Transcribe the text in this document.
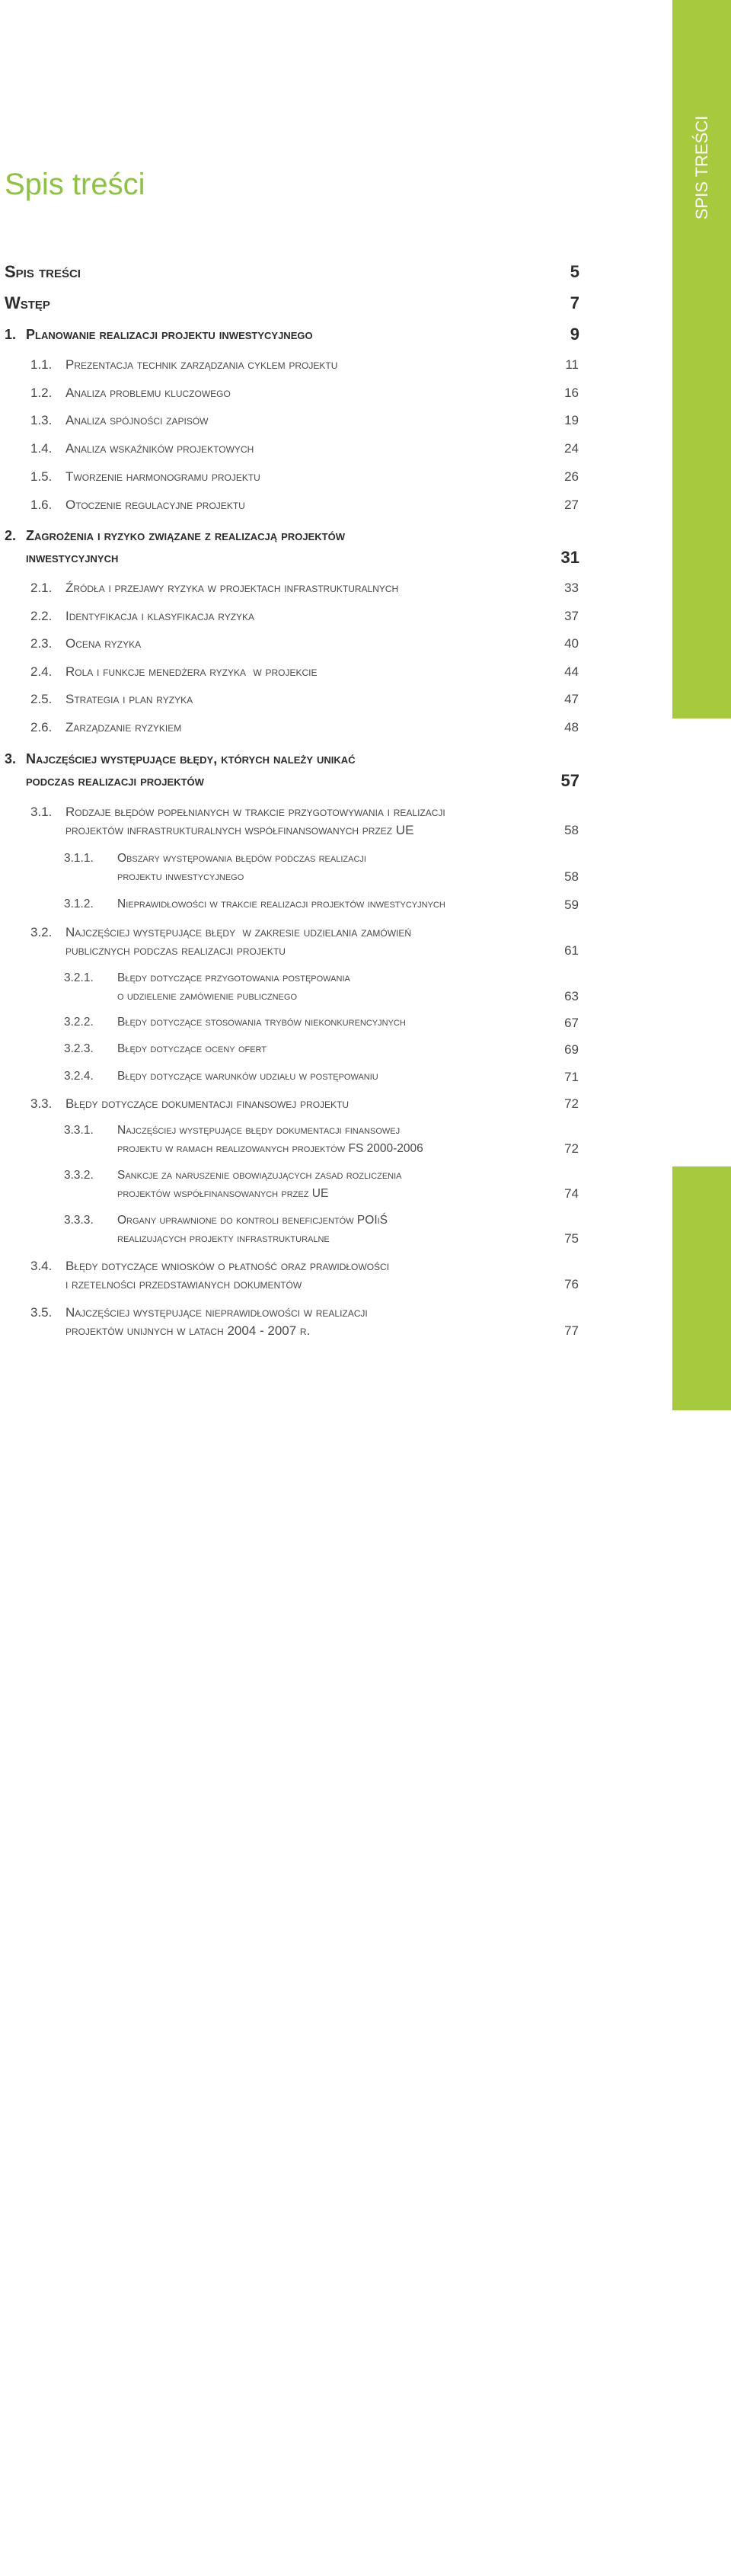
SPIS TREŚCI
5|Strona
Spis treści
Spis treści	5
Wstęp	7
1. Planowanie realizacji projektu inwestycyjnego	9
1.1. Prezentacja technik zarządzania cyklem projektu	11
1.2. Analiza problemu kluczowego	16
1.3. Analiza spójności zapisów	19
1.4. Analiza wskaźników projektowych	24
1.5. Tworzenie harmonogramu projektu	26
1.6. Otoczenie regulacyjne projektu	27
2. Zagrożenia i ryzyko związane z realizacją projektów
inwestycyjnych	31
2.1. Źródła i przejawy ryzyka w projektach infrastrukturalnych	33
2.2. Identyfikacja i klasyfikacja ryzyka	37
2.3. Ocena ryzyka	40
2.4. Rola i funkcje menedżera ryzyka  w projekcie	44
2.5. Strategia i plan ryzyka	47
2.6. Zarządzanie ryzykiem	48
3. Najczęściej występujące błędy, których należy unikać
podczas realizacji projektów	57
3.1. Rodzaje błędów popełnianych w trakcie przygotowywania i realizacji
projektów infrastrukturalnych współfinansowanych przez UE	58
3.1.1. Obszary występowania błędów podczas realizacji
projektu inwestycyjnego	58
3.1.2. Nieprawidłowości w trakcie realizacji projektów inwestycyjnych	59
3.2. Najczęściej występujące błędy  w zakresie udzielania zamówień
publicznych podczas realizacji projektu	61
3.2.1. Błędy dotyczące przygotowania postępowania
o udzielenie zamówienie publicznego	63
3.2.2. Błędy dotyczące stosowania trybów niekonkurencyjnych	67
3.2.3. Błędy dotyczące oceny ofert	69
3.2.4. Błędy dotyczące warunków udziału w postępowaniu	71
3.3. Błędy dotyczące dokumentacji finansowej projektu	72
3.3.1. Najczęściej występujące błędy dokumentacji finansowej
projektu w ramach realizowanych projektów FS 2000-2006	72
3.3.2. Sankcje za naruszenie obowiązujących zasad rozliczenia
projektów współfinansowanych przez UE	74
3.3.3. Organy uprawnione do kontroli beneficjentów POIiŚ
realizujących projekty infrastrukturalne	75
3.4. Błędy dotyczące wniosków o płatność oraz prawidłowości
i rzetelności przedstawianych dokumentów	76
3.5. Najczęściej występujące nieprawidłowości w realizacji
projektów unijnych w latach 2004 - 2007 r.	77
